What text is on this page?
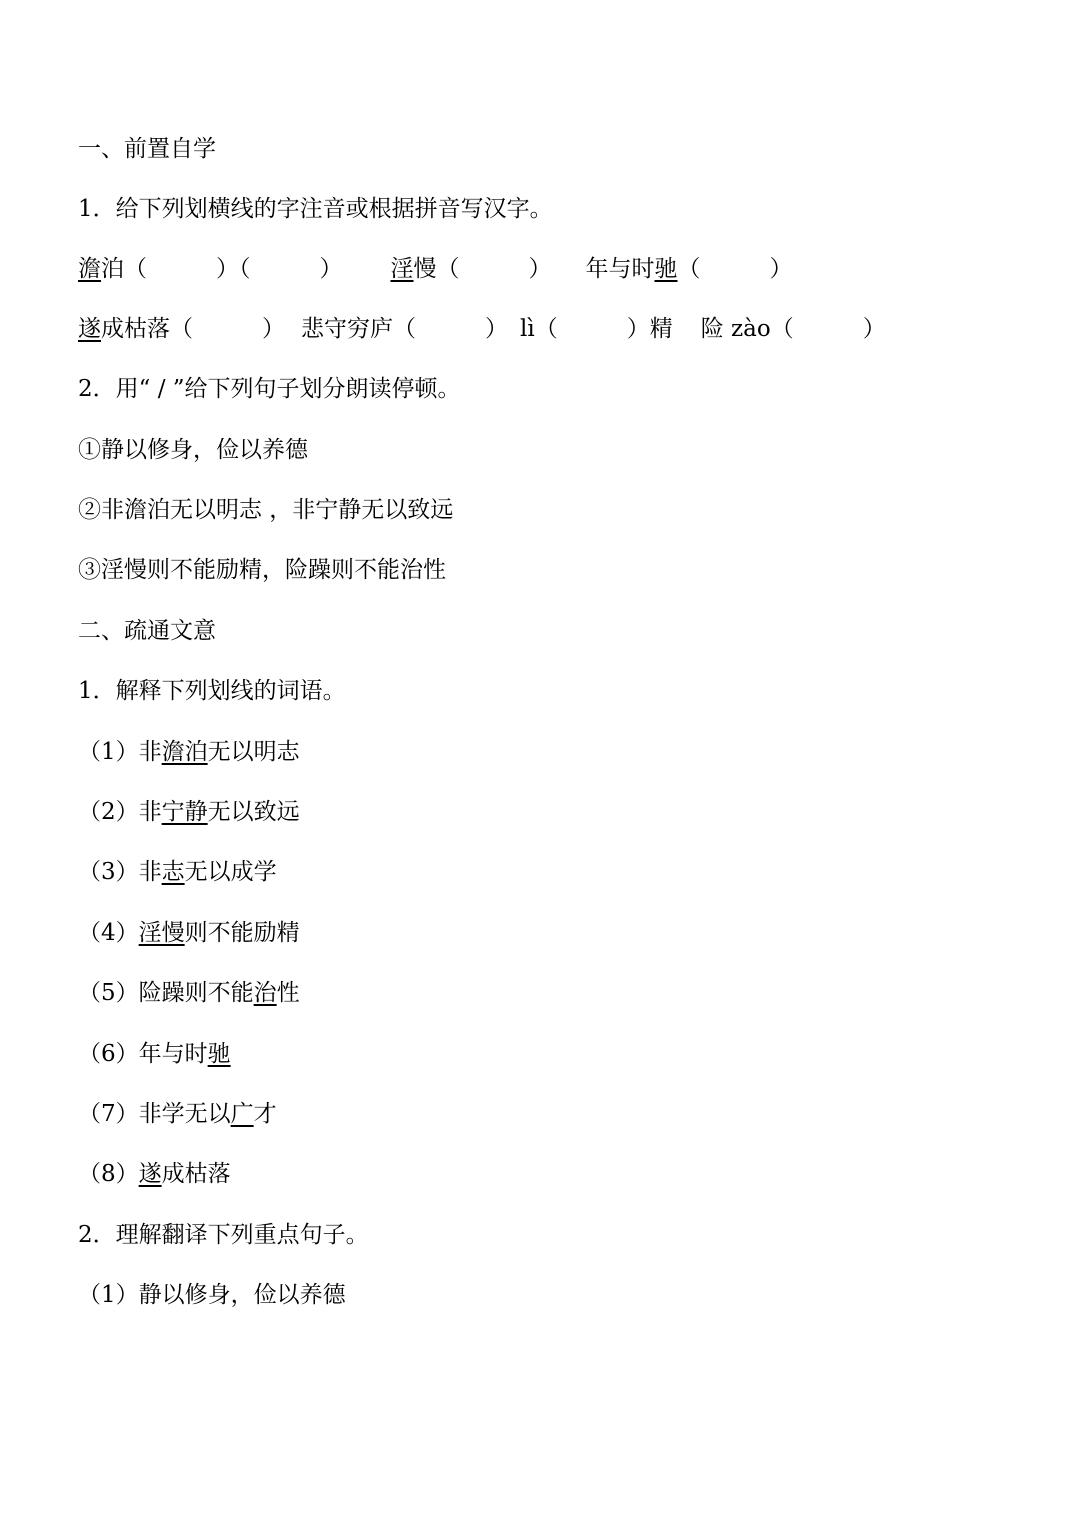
一、前置自学

1．给下列划横线的字注音或根据拼音写汉字。

澹泊（　　　）（　　　） 淫慢（　　　） 年与时驰（　　　）

遂成枯落（　　　） 悲守穷庐（　　　） lì（　　　）精 险 zào（　　　）

2．用“ / ”给下列句子划分朗读停顿。

①静以修身，俭以养德

②非澹泊无以明志 ，非宁静无以致远

③淫慢则不能励精，险躁则不能治性

二、疏通文意

1．解释下列划线的词语。

（1）非澹泊无以明志

（2）非宁静无以致远

（3）非志无以成学

（4）淫慢则不能励精

（5）险躁则不能治性

（6）年与时驰

（7）非学无以广才

（8）遂成枯落

2．理解翻译下列重点句子。

（1）静以修身，俭以养德
